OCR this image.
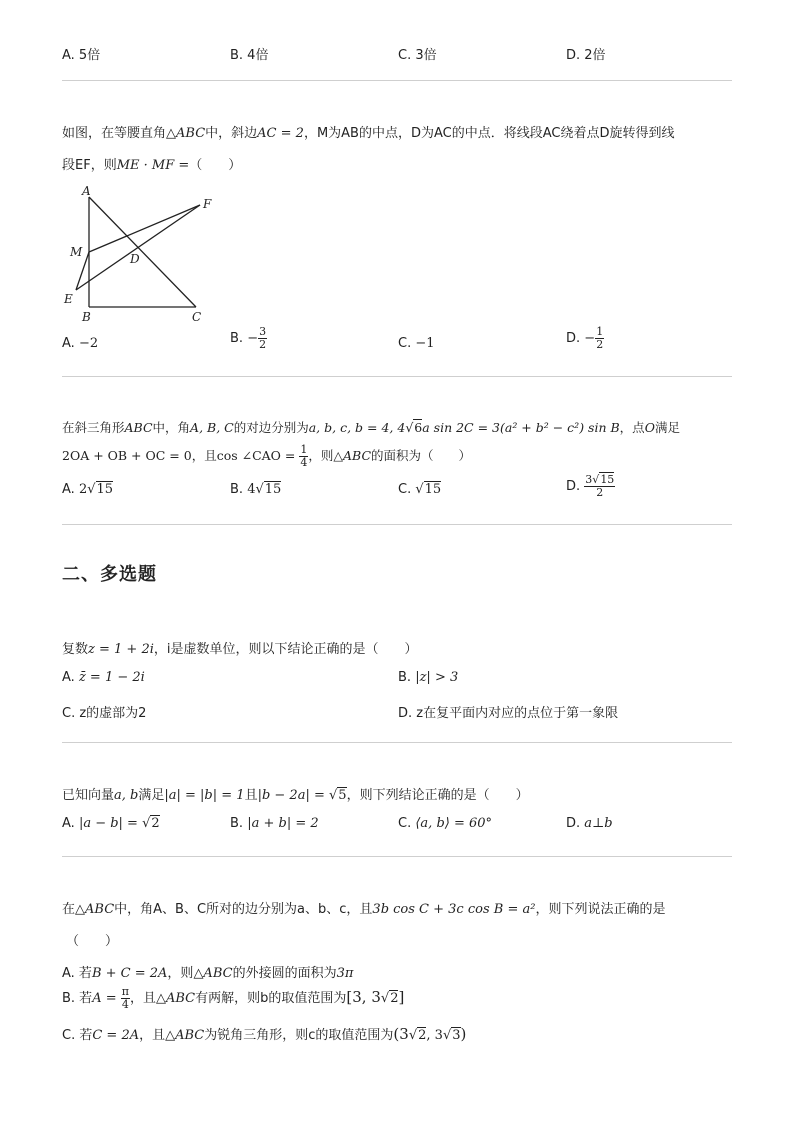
A. 5倍	B. 4倍	C. 3倍	D. 2倍
如图，在等腰直角△ABC中，斜边AC = 2，M为AB的中点，D为AC的中点．将线段AC绕着点D旋转得到线
段EF，则ME · MF =（　　）
A
F
M	D
E
B	C
A. −2	B. − $\frac{3}{2}$	C. −1	D. − $\frac{1}{2}$
在斜三角形ABC中，角A, B, C的对边分别为a, b, c, b = 4, 4√6a sin 2C = 3(a² + b² − c²) sin B，点O满足
2OA + OB + OC = 0，且cos ∠CAO = $\frac{1}{4}$ ，则△ABC的面积为（　　）
A. 2√15	B. 4√15	C. √15	D. $\frac{3√15}{2}$
二、多选题
复数z = 1 + 2i，i是虚数单位，则以下结论正确的是（　　）
A. z̄ = 1 − 2i	B. |z| > 3
C. z的虚部为2	D. z在复平面内对应的点位于第一象限
已知向量a, b满足|a| = |b| = 1且|b − 2a| = √5，则下列结论正确的是（　　）
A. |a − b| = √2	B. |a + b| = 2	C. ⟨a, b⟩ = 60°	D. a⊥b
在△ABC中，角A、B、C所对的边分别为a、b、c，且3b cos C + 3c cos B = a²，则下列说法正确的是
（　　）
A. 若B + C = 2A，则△ABC的外接圆的面积为3π
B. 若$A = \frac{\pi}{4}$ ，且△ABC有两解，则b的取值范围为[3, 3√2]
C. 若C = 2A，且△ABC为锐角三角形，则c的取值范围为(3√2, 3√3)
